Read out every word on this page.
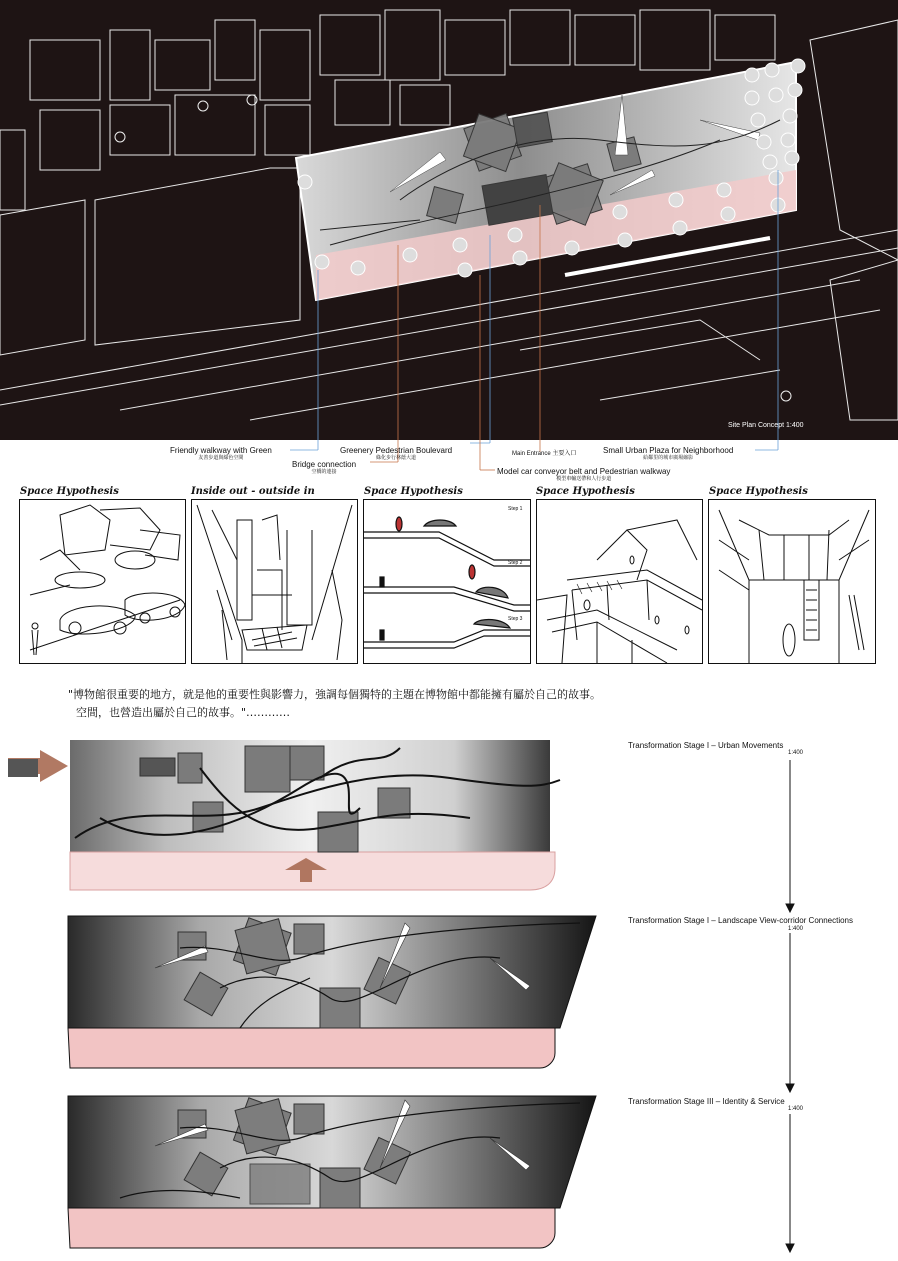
Site Plan Concept 1:400
Friendly walkway with Green
友善步道與綠色空間
Greenery Pedestrian Boulevard
綠化步行林蔭大道
Bridge connection
空橋的連接
Main Entrance 主要入口
Model car conveyor belt and Pedestrian walkway
模型車輸送帶和人行步道
Small Urban Plaza for Neighborhood
給鄰里的城市廣場縮影
Space Hypothesis	Inside out - outside in	Space Hypothesis	Space Hypothesis	Space Hypothesis
Step 1
Step 2
Step 3
"博物館很重要的地方，就是他的重要性與影響力，強調每個獨特的主題在博物館中都能擁有屬於自己的故事。
空間，也營造出屬於自己的故事。"…………
Transformation Stage I – Urban Movements
1:400
Transformation Stage I – Landscape View-corridor Connections
1:400
Transformation Stage III – Identity & Service
1:400
